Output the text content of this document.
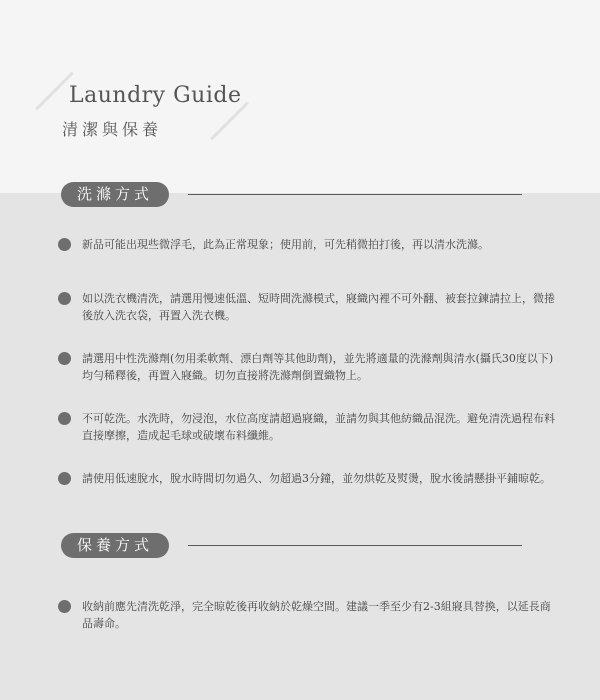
Laundry Guide
清潔與保養
洗滌方式
新品可能出現些微浮毛，此為正常現象；使用前，可先稍微拍打後，再以清水洗滌。
如以洗衣機清洗，請選用慢速低溫、短時間洗滌模式，寢織內裡不可外翻、被套拉鍊請拉上，微捲後放入洗衣袋，再置入洗衣機。
請選用中性洗滌劑(勿用柔軟劑、漂白劑等其他助劑)，並先將適量的洗滌劑與清水(攝氏30度以下)均勻稀釋後，再置入寢織。切勿直接將洗滌劑倒置織物上。
不可乾洗。水洗時，勿浸泡，水位高度請超過寢織，並請勿與其他紡織品混洗。避免清洗過程布料直接摩擦，造成起毛球或破壞布料纖維。
請使用低速脫水，脫水時間切勿過久、勿超過3分鐘，並勿烘乾及熨燙，脫水後請懸掛平鋪晾乾。
保養方式
收納前應先清洗乾淨，完全晾乾後再收納於乾燥空間。建議一季至少有2-3組寢具替換，以延長商品壽命。
